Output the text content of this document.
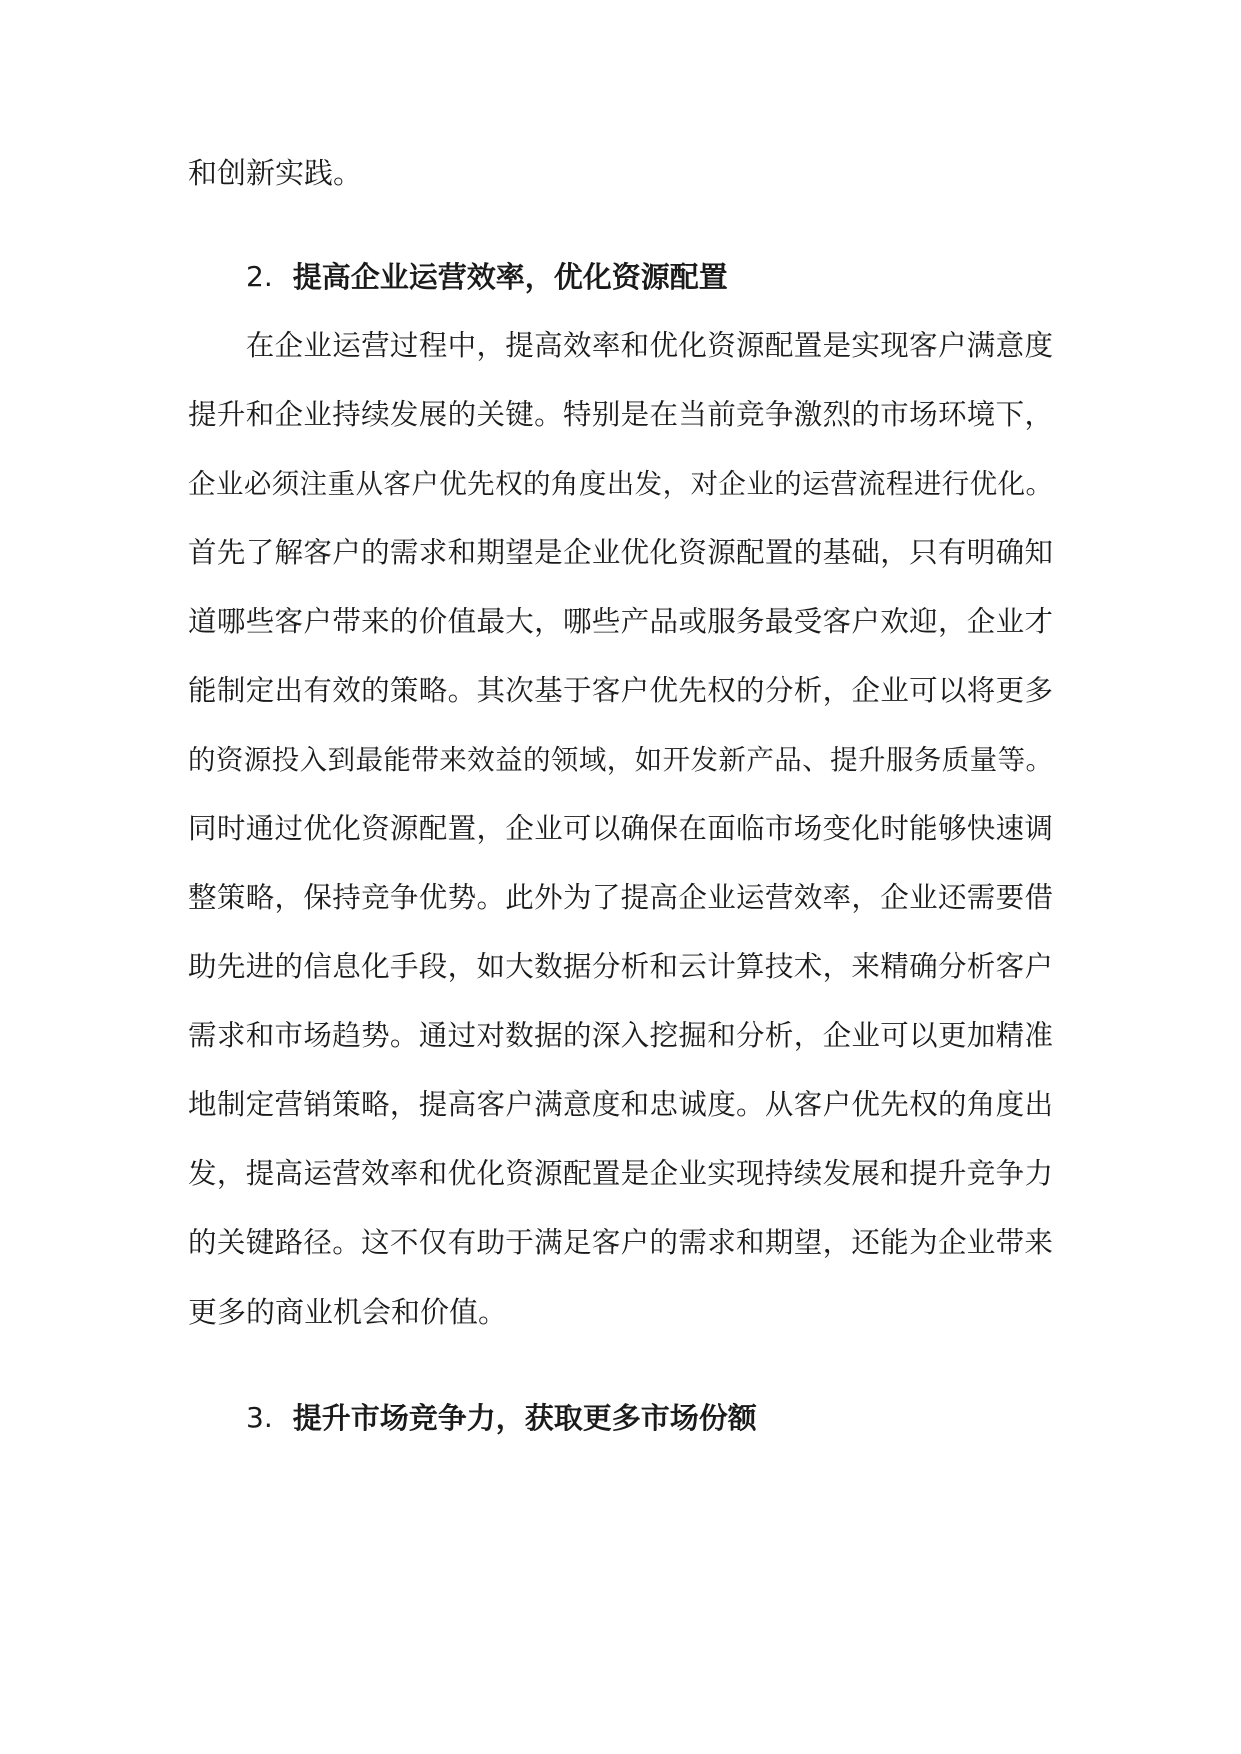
和创新实践。
2. 提高企业运营效率，优化资源配置
　　在企业运营过程中，提高效率和优化资源配置是实现客户满意度
提升和企业持续发展的关键。特别是在当前竞争激烈的市场环境下，
企业必须注重从客户优先权的角度出发，对企业的运营流程进行优化。
首先了解客户的需求和期望是企业优化资源配置的基础，只有明确知
道哪些客户带来的价值最大，哪些产品或服务最受客户欢迎，企业才
能制定出有效的策略。其次基于客户优先权的分析，企业可以将更多
的资源投入到最能带来效益的领域，如开发新产品、提升服务质量等。
同时通过优化资源配置，企业可以确保在面临市场变化时能够快速调
整策略，保持竞争优势。此外为了提高企业运营效率，企业还需要借
助先进的信息化手段，如大数据分析和云计算技术，来精确分析客户
需求和市场趋势。通过对数据的深入挖掘和分析，企业可以更加精准
地制定营销策略，提高客户满意度和忠诚度。从客户优先权的角度出
发，提高运营效率和优化资源配置是企业实现持续发展和提升竞争力
的关键路径。这不仅有助于满足客户的需求和期望，还能为企业带来
更多的商业机会和价值。
3. 提升市场竞争力，获取更多市场份额
